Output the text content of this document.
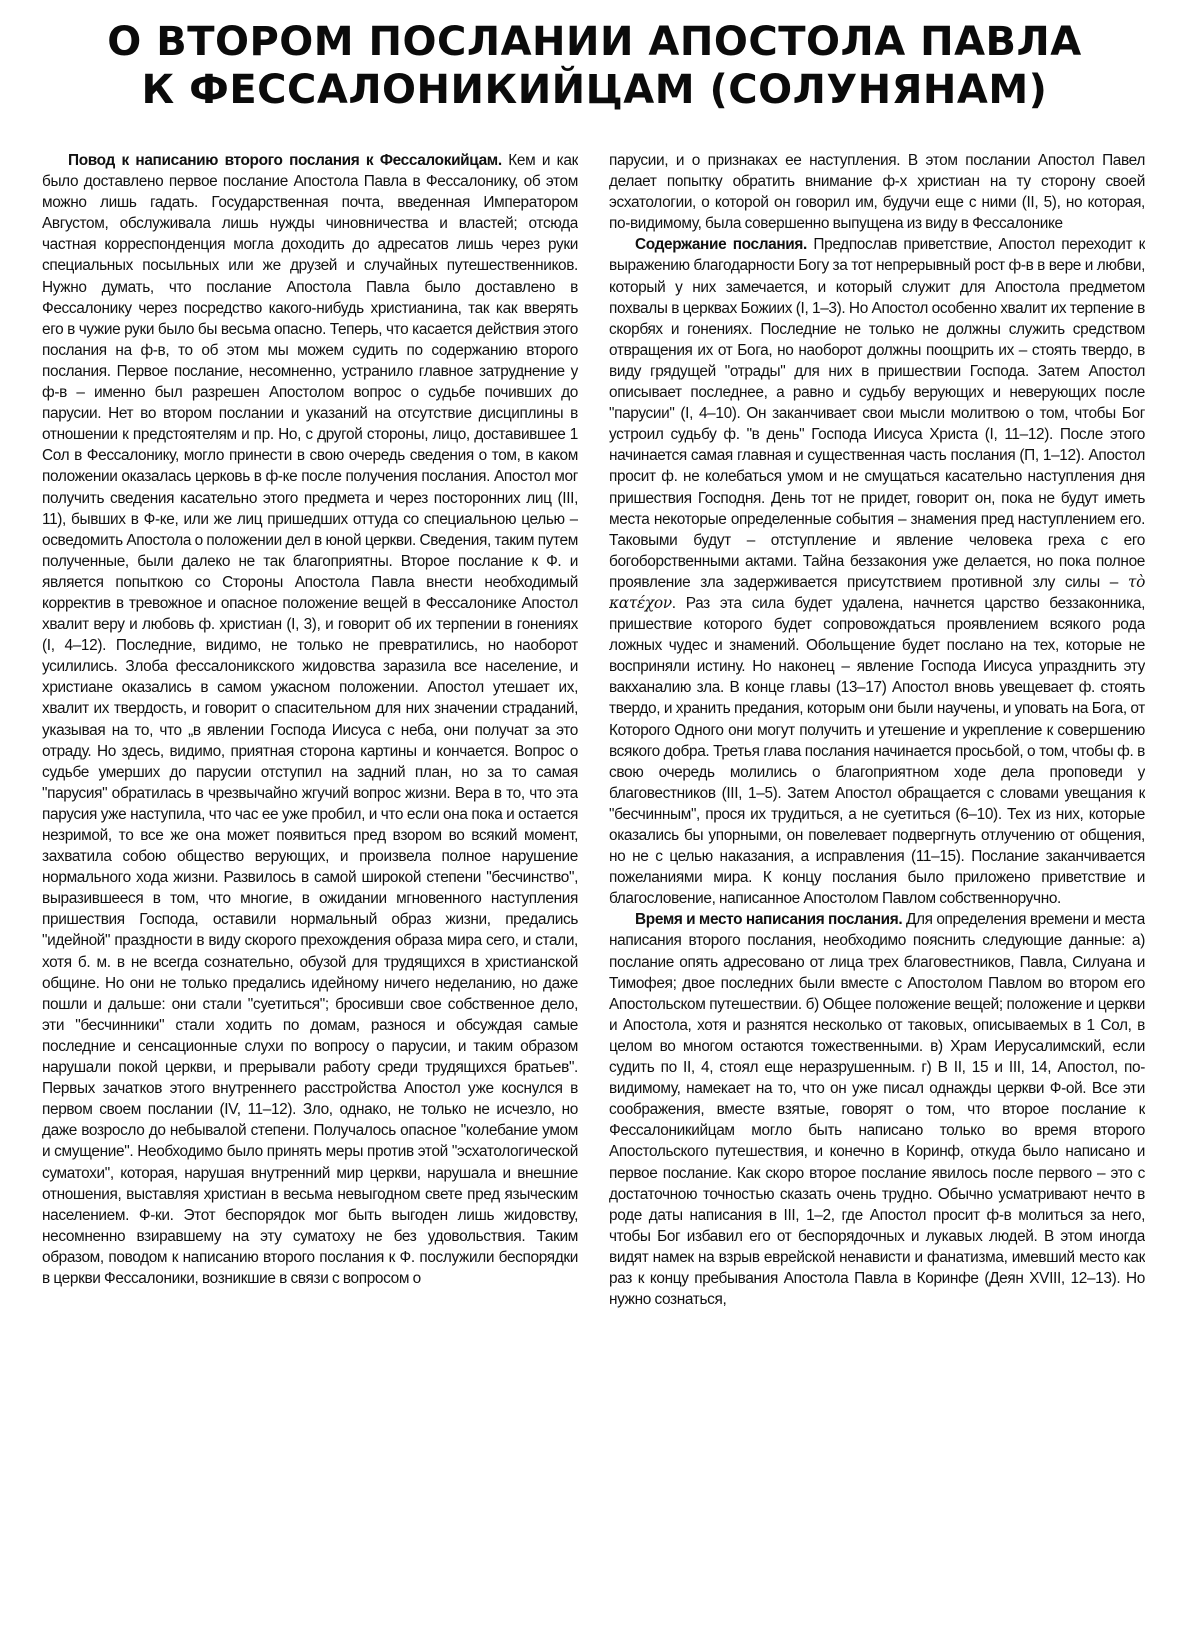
О ВТОРОМ ПОСЛАНИИ АПОСТОЛА ПАВЛА
К ФЕССАЛОНИКИЙЦАМ (СОЛУНЯНАМ)

Повод к написанию второго послания к Фессалокийцам. Кем и как было доставлено первое послание Апостола Павла в Фессалонику, об этом можно лишь гадать. Государственная почта, введенная Императором Августом, обслуживала лишь нужды чиновничества и властей; отсюда частная корреспонденция могла доходить до адресатов лишь через руки специальных посыльных или же друзей и случайных путешественников. Нужно думать, что послание Апостола Павла было доставлено в Фессалонику через посредство какого-нибудь христианина, так как вверять его в чужие руки было бы весьма опасно. Теперь, что касается действия этого послания на ф-в, то об этом мы можем судить по содержанию второго послания. Первое послание, несомненно, устранило главное затруднение у ф-в – именно был разрешен Апостолом вопрос о судьбе почивших до парусии. Нет во втором послании и указаний на отсутствие дисциплины в отношении к предстоятелям и пр. Но, с другой стороны, лицо, доставившее 1 Сол в Фессалонику, могло принести в свою очередь сведения о том, в каком положении оказалась церковь в ф-ке после получения послания. Апостол мог получить сведения касательно этого предмета и через посторонних лиц (III, 11), бывших в Ф-ке, или же лиц пришедших оттуда со специальною целью – осведомить Апостола о положении дел в юной церкви. Сведения, таким путем полученные, были далеко не так благоприятны. Второе послание к Ф. и является попыткою со Стороны Апостола Павла внести необходимый корректив в тревожное и опасное положение вещей в Фессалонике Апостол хвалит веру и любовь ф. христиан (I, 3), и говорит об их терпении в гонениях (I, 4–12). Последние, видимо, не только не превратились, но наоборот усилились. Злоба фессалоникского жидовства заразила все население, и христиане оказались в самом ужасном положении. Апостол утешает их, хвалит их твердость, и говорит о спасительном для них значении страданий, указывая на то, что „в явлении Господа Иисуса с неба, они получат за это отраду. Но здесь, видимо, приятная сторона картины и кончается. Вопрос о судьбе умерших до парусии отступил на задний план, но за то самая "парусия" обратилась в чрезвычайно жгучий вопрос жизни. Вера в то, что эта парусия уже наступила, что час ее уже пробил, и что если она пока и остается незримой, то все же она может появиться пред взором во всякий момент, захватила собою общество верующих, и произвела полное нарушение нормального хода жизни. Развилось в самой широкой степени "бесчинство", выразившееся в том, что многие, в ожидании мгновенного наступления пришествия Господа, оставили нормальный образ жизни, предались "идейной" праздности в виду скорого прехождения образа мира сего, и стали, хотя б. м. в не всегда сознательно, обузой для трудящихся в христианской общине. Но они не только предались идейному ничего неделанию, но даже пошли и дальше: они стали "суетиться"; бросивши свое собственное дело, эти "бесчинники" стали ходить по домам, разнося и обсуждая самые последние и сенсационные слухи по вопросу о парусии, и таким образом нарушали покой церкви, и прерывали работу среди трудящихся братьев". Первых зачатков этого внутреннего расстройства Апостол уже коснулся в первом своем послании (IV, 11–12). Зло, однако, не только не исчезло, но даже возросло до небывалой степени. Получалось опасное "колебание умом и смущение". Необходимо было принять меры против этой "эсхатологической суматохи", которая, нарушая внутренний мир церкви, нарушала и внешние отношения, выставляя христиан в весьма невыгодном свете пред языческим населением. Ф-ки. Этот беспорядок мог быть выгоден лишь жидовству, несомненно взиравшему на эту суматоху не без удовольствия. Таким образом, поводом к написанию второго послания к Ф. послужили беспорядки в церкви Фессалоники, возникшие в связи с вопросом о

парусии, и о признаках ее наступления. В этом послании Апостол Павел делает попытку обратить внимание ф-х христиан на ту сторону своей эсхатологии, о которой он говорил им, будучи еще с ними (II, 5), но которая, по-видимому, была совершенно выпущена из виду в Фессалонике

Содержание послания. Предпослав приветствие, Апостол переходит к выражению благодарности Богу за тот непрерывный рост ф-в в вере и любви, который у них замечается, и который служит для Апостола предметом похвалы в церквах Божиих (I, 1–3). Но Апостол особенно хвалит их терпение в скорбях и гонениях. Последние не только не должны служить средством отвращения их от Бога, но наоборот должны поощрить их – стоять твердо, в виду грядущей "отрады" для них в пришествии Господа. Затем Апостол описывает последнее, а равно и судьбу верующих и неверующих после "парусии" (I, 4–10). Он заканчивает свои мысли молитвою о том, чтобы Бог устроил судьбу ф. "в день" Господа Иисуса Христа (I, 11–12). После этого начинается самая главная и существенная часть послания (П, 1–12). Апостол просит ф. не колебаться умом и не смущаться касательно наступления дня пришествия Господня. День тот не придет, говорит он, пока не будут иметь места некоторые определенные события – знамения пред наступлением его. Таковыми будут – отступление и явление человека греха с его богоборственными актами. Тайна беззакония уже делается, но пока полное проявление зла задерживается присутствием противной злу силы – τὸ κατέχον. Раз эта сила будет удалена, начнется царство беззаконника, пришествие которого будет сопровождаться проявлением всякого рода ложных чудес и знамений. Обольщение будет послано на тех, которые не восприняли истину. Но наконец – явление Господа Иисуса упразднить эту вакханалию зла. В конце главы (13–17) Апостол вновь увещевает ф. стоять твердо, и хранить предания, которым они были научены, и уповать на Бога, от Которого Одного они могут получить и утешение и укрепление к совершению всякого добра. Третья глава послания начинается просьбой, о том, чтобы ф. в свою очередь молились о благоприятном ходе дела проповеди у благовестников (III, 1–5). Затем Апостол обращается с словами увещания к "бесчинным", прося их трудиться, а не суетиться (6–10). Тех из них, которые оказались бы упорными, он повелевает подвергнуть отлучению от общения, но не с целью наказания, а исправления (11–15). Послание заканчивается пожеланиями мира. К концу послания было приложено приветствие и благословение, написанное Апостолом Павлом собственноручно.

Время и место написания послания. Для определения времени и места написания второго послания, необходимо пояснить следующие данные: а) послание опять адресовано от лица трех благовестников, Павла, Силуана и Тимофея; двое последних были вместе с Апостолом Павлом во втором его Апостольском путешествии. б) Общее положение вещей; положение и церкви и Апостола, хотя и разнятся несколько от таковых, описываемых в 1 Сол, в целом во многом остаются тожественными. в) Храм Иерусалимский, если судить по II, 4, стоял еще неразрушенным. г) В II, 15 и III, 14, Апостол, по-видимому, намекает на то, что он уже писал однажды церкви Ф-ой. Все эти соображения, вместе взятые, говорят о том, что второе послание к Фессалоникийцам могло быть написано только во время второго Апостольского путешествия, и конечно в Коринф, откуда было написано и первое послание. Как скоро второе послание явилось после первого – это с достаточною точностью сказать очень трудно. Обычно усматривают нечто в роде даты написания в III, 1–2, где Апостол просит ф-в молиться за него, чтобы Бог избавил его от беспорядочных и лукавых людей. В этом иногда видят намек на взрыв еврейской ненависти и фанатизма, имевший место как раз к концу пребывания Апостола Павла в Коринфе (Деян XVIII, 12–13). Но нужно сознаться,
